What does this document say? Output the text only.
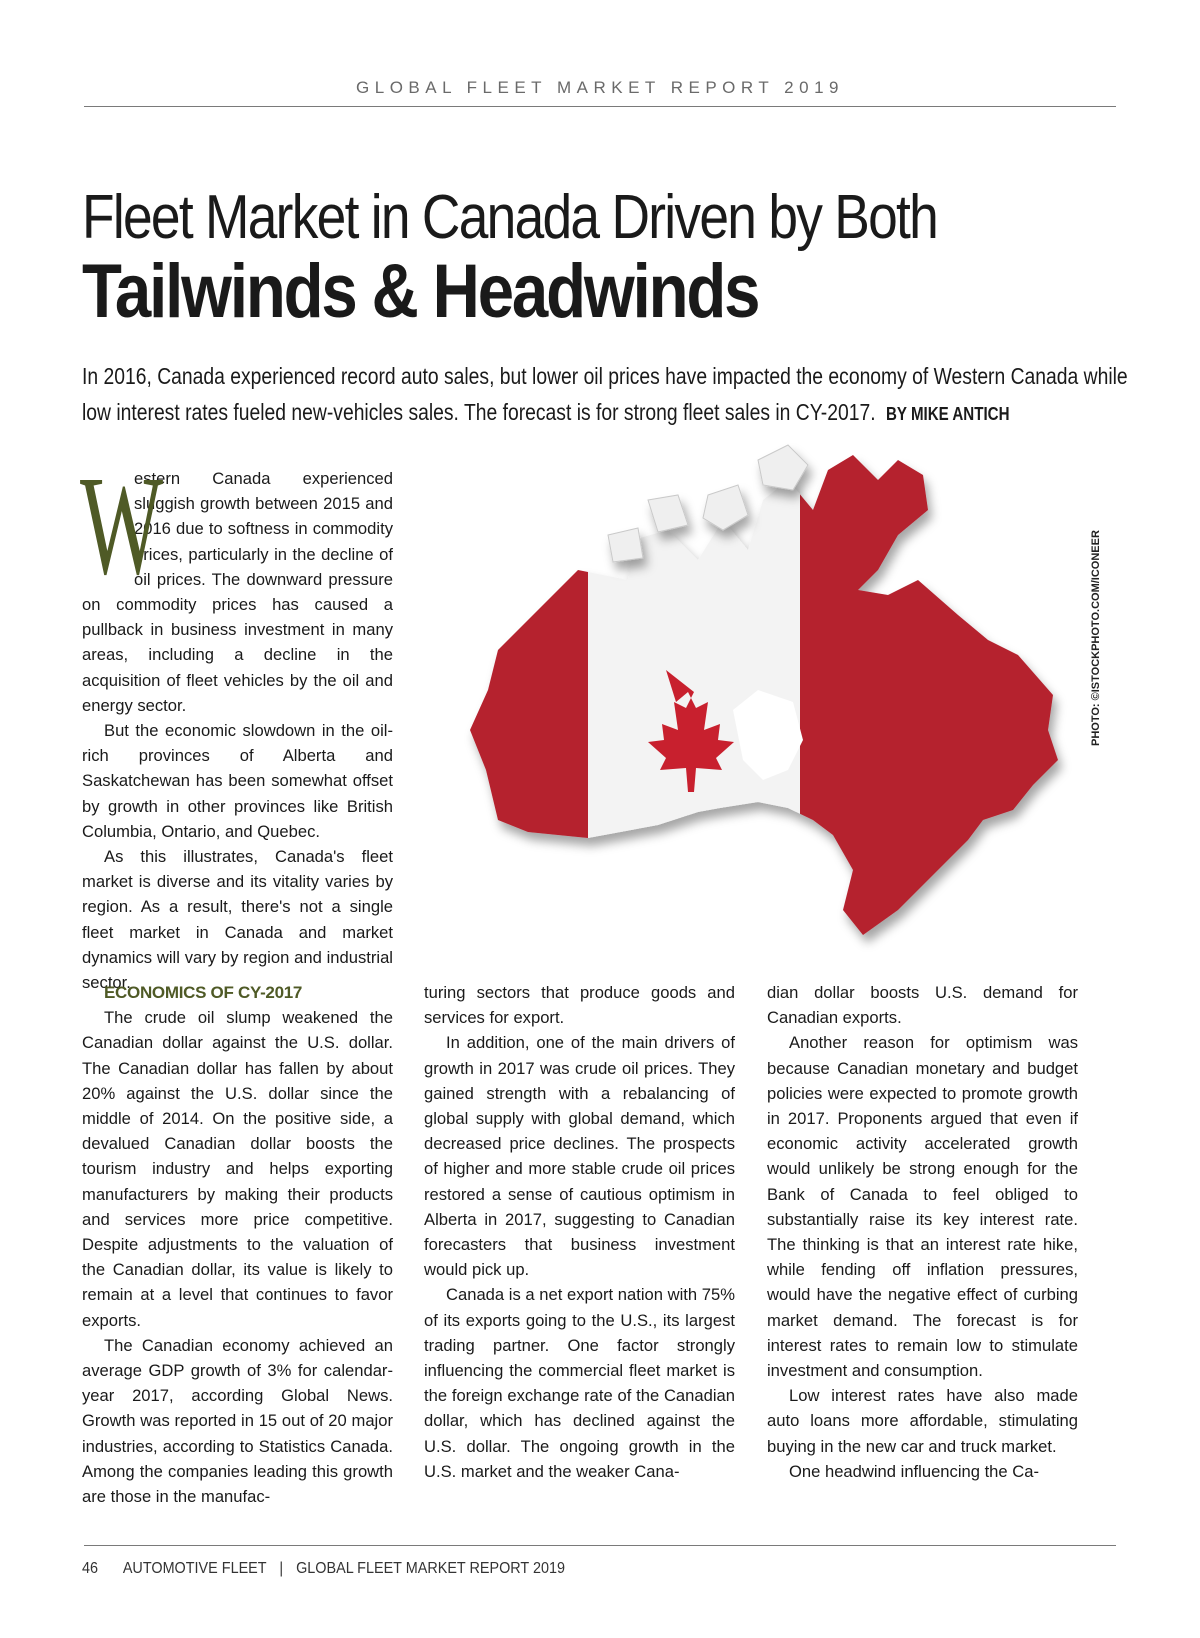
GLOBAL FLEET MARKET REPORT 2019
Fleet Market in Canada Driven by Both
Tailwinds & Headwinds
In 2016, Canada experienced record auto sales, but lower oil prices have impacted the economy of Western Canada while low interest rates fueled new-vehicles sales. The forecast is for strong fleet sales in CY-2017. BY MIKE ANTICH

W
estern Canada experienced sluggish growth between 2015 and 2016 due to softness in commodity prices, particularly in the decline of oil prices. The downward pressure on commodity prices has caused a pullback in business investment in many areas, including a decline in the acquisition of fleet vehicles by the oil and energy sector.

But the economic slowdown in the oil-rich provinces of Alberta and Saskatchewan has been somewhat offset by growth in other provinces like British Columbia, Ontario, and Quebec.

As this illustrates, Canada's fleet market is diverse and its vitality varies by region. As a result, there's not a single fleet market in Canada and market dynamics will vary by region and industrial sector.

PHOTO: ©ISTOCKPHOTO.COM/ICONEER

ECONOMICS OF CY-2017

The crude oil slump weakened the Canadian dollar against the U.S. dollar. The Canadian dollar has fallen by about 20% against the U.S. dollar since the middle of 2014. On the positive side, a devalued Canadian dollar boosts the tourism industry and helps exporting manufacturers by making their products and services more price competitive. Despite adjustments to the valuation of the Canadian dollar, its value is likely to remain at a level that continues to favor exports.

The Canadian economy achieved an average GDP growth of 3% for calendar-year 2017, according Global News. Growth was reported in 15 out of 20 major industries, according to Statistics Canada. Among the companies leading this growth are those in the manufac-

turing sectors that produce goods and services for export.

In addition, one of the main drivers of growth in 2017 was crude oil prices. They gained strength with a rebalancing of global supply with global demand, which decreased price declines. The prospects of higher and more stable crude oil prices restored a sense of cautious optimism in Alberta in 2017, suggesting to Canadian forecasters that business investment would pick up.

Canada is a net export nation with 75% of its exports going to the U.S., its largest trading partner. One factor strongly influencing the commercial fleet market is the foreign exchange rate of the Canadian dollar, which has declined against the U.S. dollar. The ongoing growth in the U.S. market and the weaker Cana-

dian dollar boosts U.S. demand for Canadian exports.

Another reason for optimism was because Canadian monetary and budget policies were expected to promote growth in 2017. Proponents argued that even if economic activity accelerated growth would unlikely be strong enough for the Bank of Canada to feel obliged to substantially raise its key interest rate. The thinking is that an interest rate hike, while fending off inflation pressures, would have the negative effect of curbing market demand. The forecast is for interest rates to remain low to stimulate investment and consumption.

Low interest rates have also made auto loans more affordable, stimulating buying in the new car and truck market.

One headwind influencing the Ca-

46 AUTOMOTIVE FLEET | GLOBAL FLEET MARKET REPORT 2019
